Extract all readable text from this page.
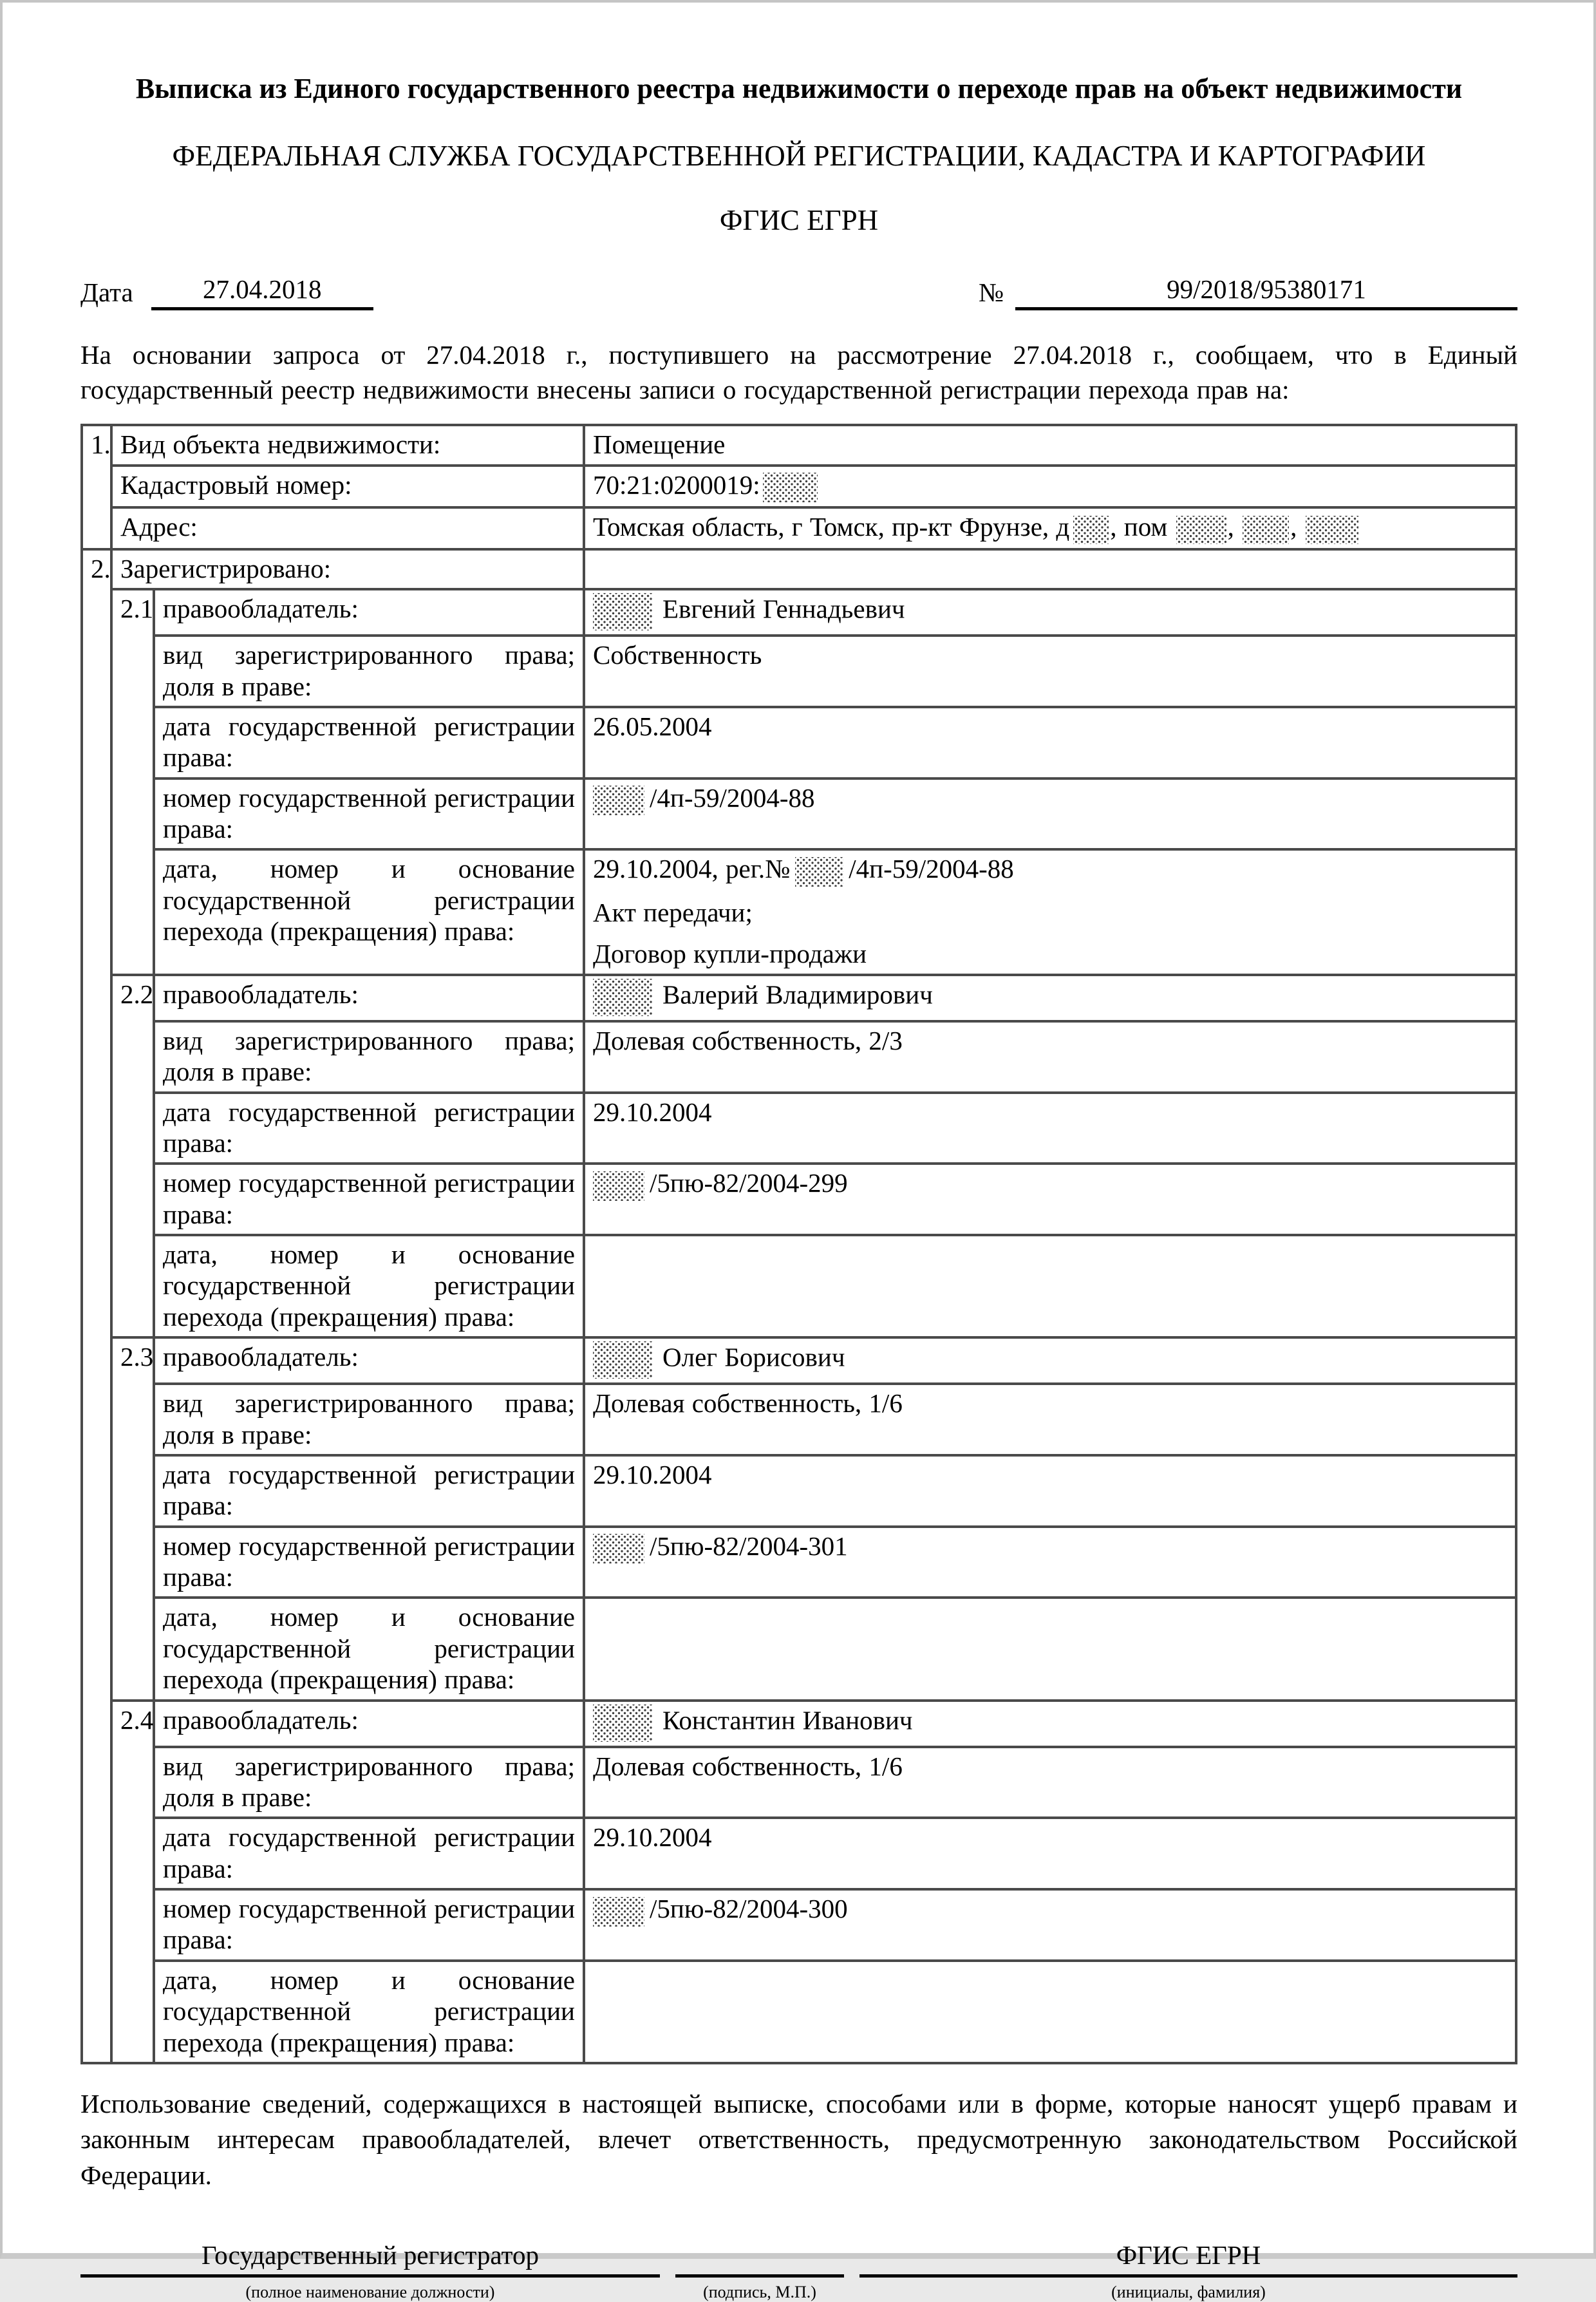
Выписка из Единого государственного реестра недвижимости о переходе прав на объект недвижимости
ФЕДЕРАЛЬНАЯ СЛУЖБА ГОСУДАРСТВЕННОЙ РЕГИСТРАЦИИ, КАДАСТРА И КАРТОГРАФИИ
ФГИС ЕГРН
Дата	27.04.2018	№	99/2018/95380171

На основании запроса от 27.04.2018 г., поступившего на рассмотрение 27.04.2018 г., сообщаем, что в Единый государственный реестр недвижимости внесены записи о государственной регистрации перехода прав на:

1.	Вид объекта недвижимости:		Помещение
	Кадастровый номер:		70:21:0200019:
	Адрес:		Томская область, г Томск, пр-кт Фрунзе, д , пом , ,
2.	Зарегистрировано:		
	2.1	правообладатель:	Евгений Геннадьевич
		вид зарегистрированного права; доля в праве:	Собственность
		дата государственной регистрации права:	26.05.2004
		номер государственной регистрации права:	/4п-59/2004-88
		дата, номер и основание государственной регистрации перехода (прекращения) права:	29.10.2004, рег.№ /4п-59/2004-88
Акт передачи;
Договор купли-продажи

	2.2	правообладатель:	Валерий Владимирович
		вид зарегистрированного права; доля в праве:	Долевая собственность, 2/3
		дата государственной регистрации права:	29.10.2004
		номер государственной регистрации права:	/5пю-82/2004-299
		дата, номер и основание государственной регистрации перехода (прекращения) права:	
	2.3	правообладатель:	Олег Борисович
		вид зарегистрированного права; доля в праве:	Долевая собственность, 1/6
		дата государственной регистрации права:	29.10.2004
		номер государственной регистрации права:	/5пю-82/2004-301
		дата, номер и основание государственной регистрации перехода (прекращения) права:	
	2.4	правообладатель:	Константин Иванович
		вид зарегистрированного права; доля в праве:	Долевая собственность, 1/6
		дата государственной регистрации права:	29.10.2004
		номер государственной регистрации права:	/5пю-82/2004-300
		дата, номер и основание государственной регистрации перехода (прекращения) права:	

Использование сведений, содержащихся в настоящей выписке, способами или в форме, которые наносят ущерб правам и законным интересам правообладателей, влечет ответственность, предусмотренную законодательством Российской Федерации.

Государственный регистратор
(полное наименование должности)	(подпись, М.П.)
ФГИС ЕГРН
(инициалы, фамилия)
